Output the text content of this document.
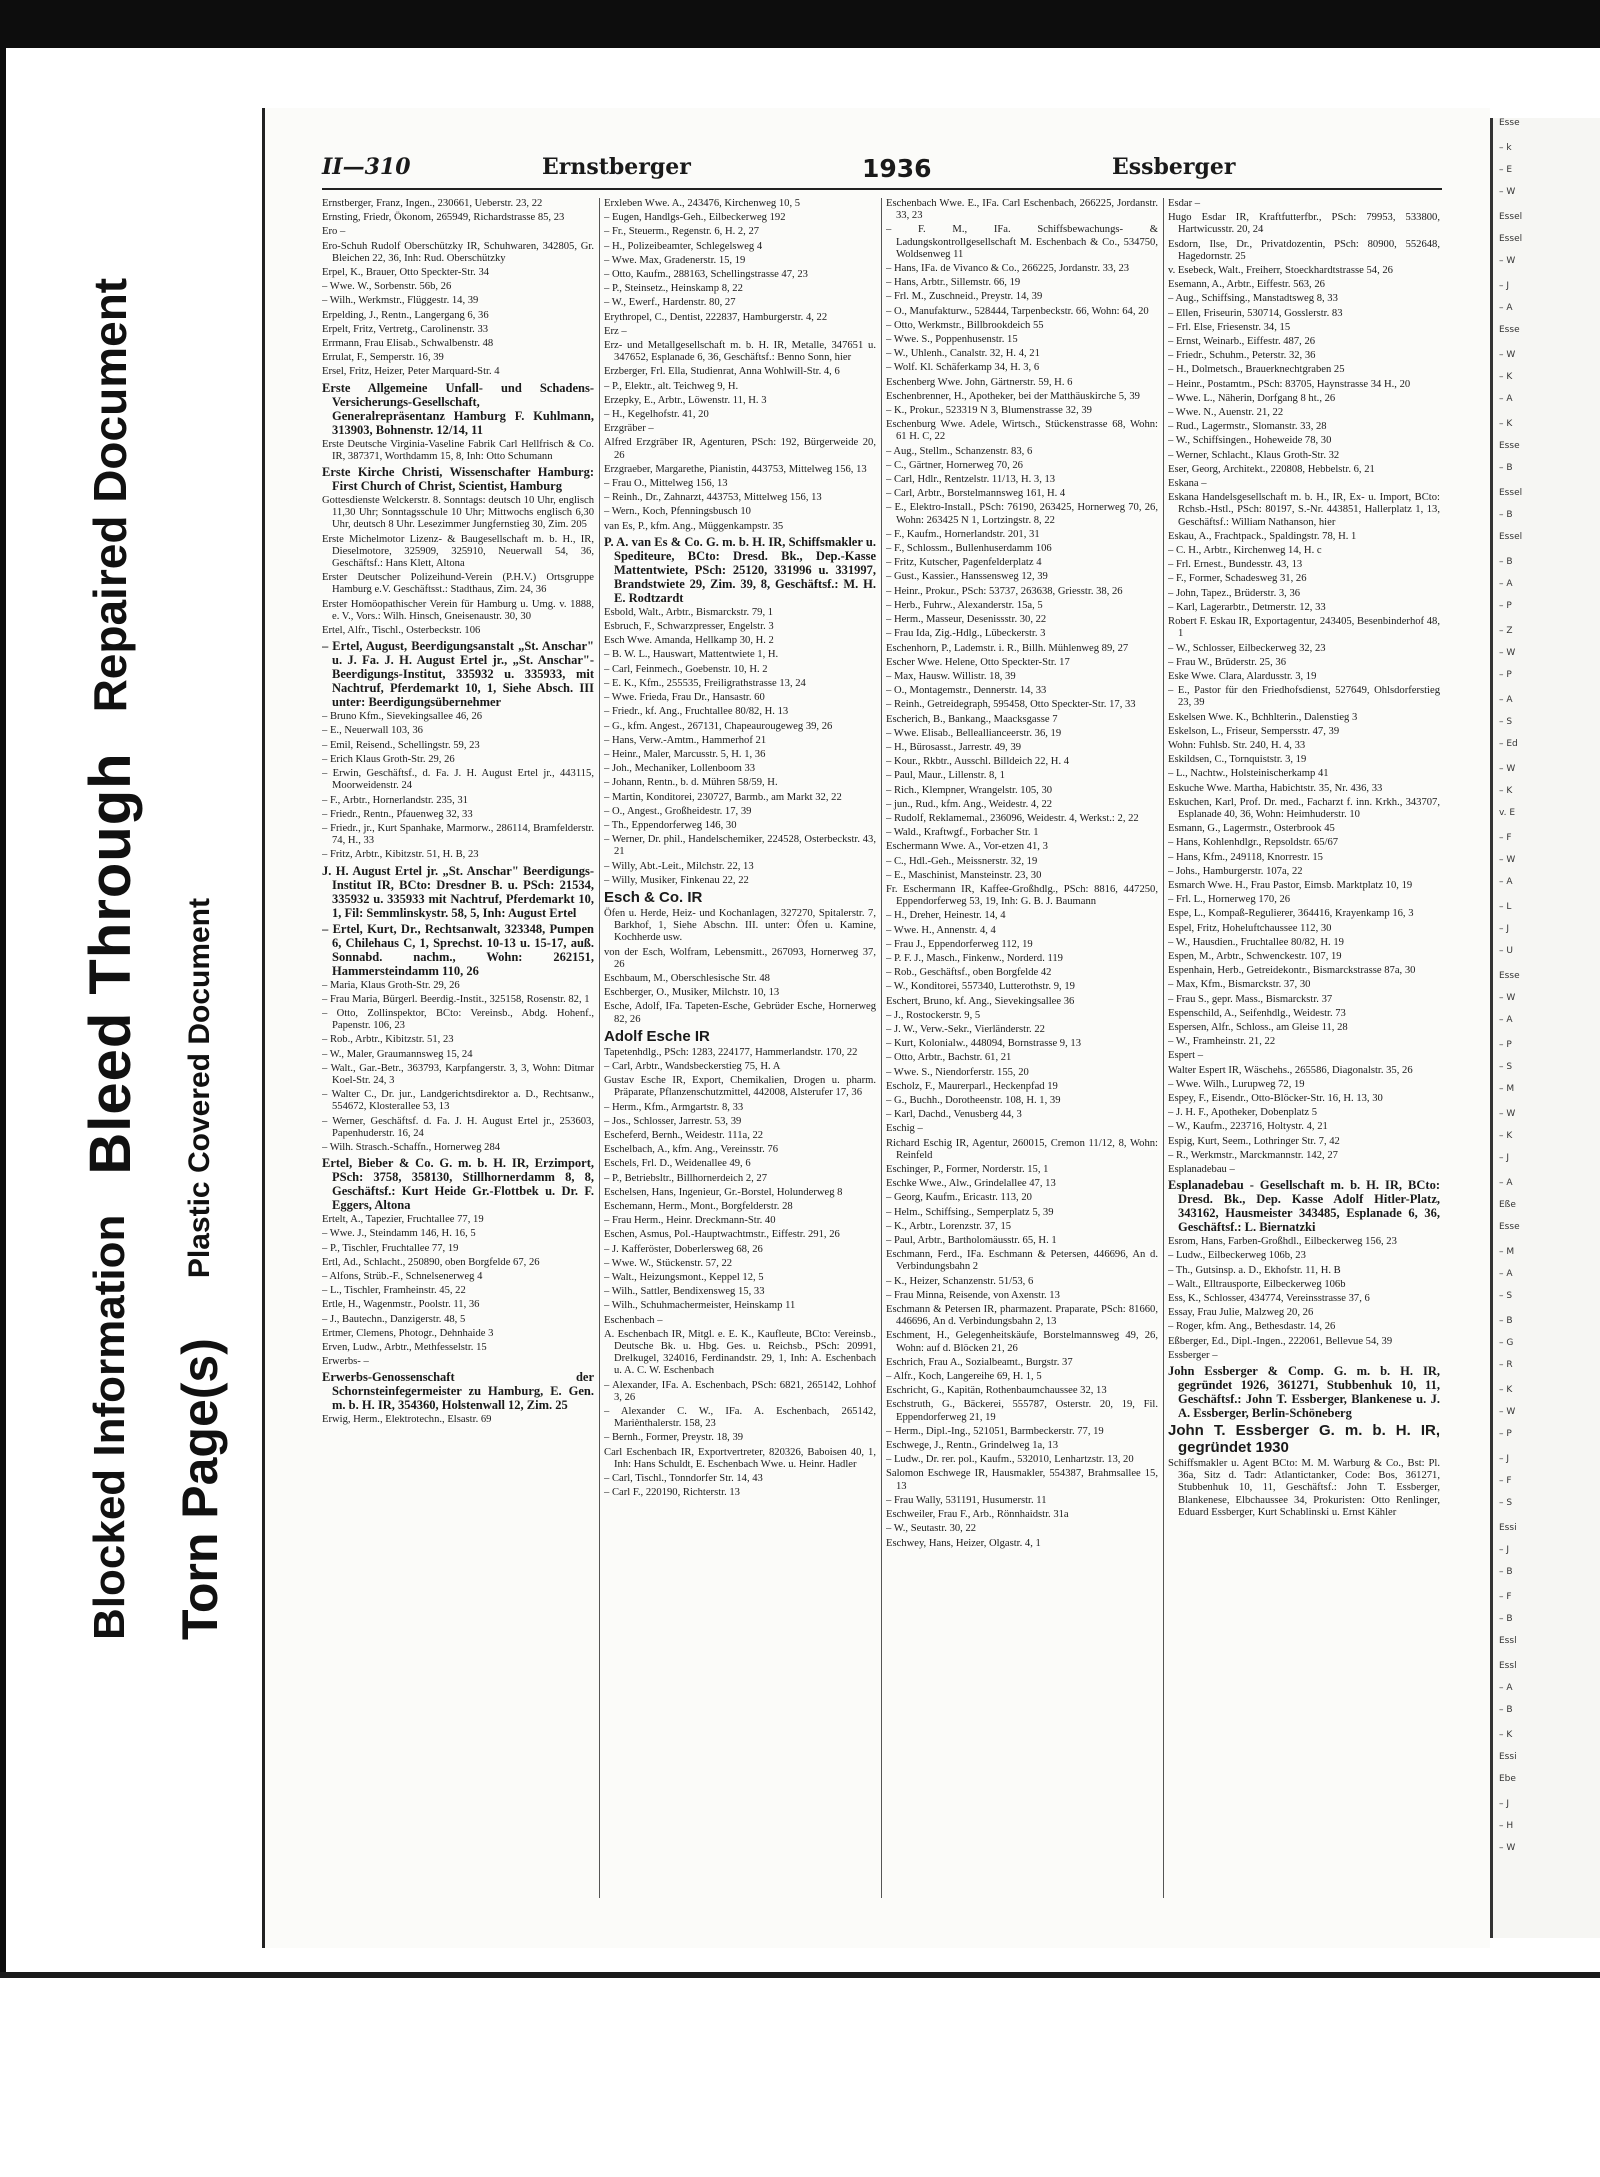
Blocked Information
Bleed Through
Repaired Document
Torn Page(s)
Plastic Covered Document
Esse
– k
– E
– W
Essel
Essel
– W
– J
– A
Esse
– W
– K
– A
– K
Esse
– B
Essel
– B
Essel
– B
– A
– P
– Z
– W
– P
– A
– S
– Ed
– W
– K
v. E
– F
– W
– A
– L
– J
– U
Esse
– W
– A
– P
– S
– M
– W
– K
– J
– A
Eße
Esse
– M
– A
– S
– B
– G
– R
– K
– W
– P
– J
– F
– S
Essi
– J
– B
– F
– B
Essl
Essl
– A
– B
– K
Essi
Ebe
– J
– H
– W
II—310	Ernstberger	1936	Essberger

Ernstberger, Franz, Ingen., 230661, Ueberstr. 23, 22

Ernsting, Friedr, Ökonom, 265949, Richardstrasse 85, 23

Ero –

Ero-Schuh Rudolf Oberschützky IR, Schuhwaren, 342805, Gr. Bleichen 22, 36, Inh: Rud. Oberschützky

Erpel, K., Brauer, Otto Speckter-Str. 34

– Wwe. W., Sorbenstr. 56b, 26

– Wilh., Werkmstr., Flüggestr. 14, 39

Erpelding, J., Rentn., Langergang 6, 36

Erpelt, Fritz, Vertretg., Carolinenstr. 33

Errmann, Frau Elisab., Schwalbenstr. 48

Errulat, F., Semperstr. 16, 39

Ersel, Fritz, Heizer, Peter Marquard-Str. 4

Erste Allgemeine Unfall- und Schadens-Versicherungs-Gesellschaft, Generalrepräsentanz Hamburg F. Kuhlmann, 313903, Bohnenstr. 12/14, 11

Erste Deutsche Virginia-Vaseline Fabrik Carl Hellfrisch & Co. IR, 387371, Worthdamm 15, 8, Inh: Otto Schumann

Erste Kirche Christi, Wissenschafter Hamburg: First Church of Christ, Scientist, Hamburg

Gottesdienste Welckerstr. 8. Sonntags: deutsch 10 Uhr, englisch 11,30 Uhr; Sonntagsschule 10 Uhr; Mittwochs englisch 6,30 Uhr, deutsch 8 Uhr. Lesezimmer Jungfernstieg 30, Zim. 205

Erste Michelmotor Lizenz- & Baugesellschaft m. b. H., IR, Dieselmotore, 325909, 325910, Neuerwall 54, 36, Geschäftsf.: Hans Klett, Altona

Erster Deutscher Polizeihund-Verein (P.H.V.) Ortsgruppe Hamburg e.V. Geschäftsst.: Stadthaus, Zim. 24, 36

Erster Homöopathischer Verein für Hamburg u. Umg. v. 1888, e. V., Vors.: Wilh. Hinsch, Gneisenaustr. 30, 30

Ertel, Alfr., Tischl., Osterbeckstr. 106

– Ertel, August, Beerdigungsanstalt „St. Anschar" u. J. Fa. J. H. August Ertel jr., „St. Anschar"-Beerdigungs-Institut, 335932 u. 335933, mit Nachtruf, Pferdemarkt 10, 1, Siehe Absch. III unter: Beerdigungsübernehmer

– Bruno Kfm., Sievekingsallee 46, 26

– E., Neuerwall 103, 36

– Emil, Reisend., Schellingstr. 59, 23

– Erich Klaus Groth-Str. 29, 26

– Erwin, Geschäftsf., d. Fa. J. H. August Ertel jr., 443115, Moorweidenstr. 24

– F., Arbtr., Hornerlandstr. 235, 31

– Friedr., Rentn., Pfauenweg 32, 33

– Friedr., jr., Kurt Spanhake, Marmorw., 286114, Bramfelderstr. 74, H., 33

– Fritz, Arbtr., Kibitzstr. 51, H. B, 23

J. H. August Ertel jr. „St. Anschar" Beerdigungs-Institut IR, BCto: Dresdner B. u. PSch: 21534, 335932 u. 335933 mit Nachtruf, Pferdemarkt 10, 1, Fil: Semmlinskystr. 58, 5, Inh: August Ertel

– Ertel, Kurt, Dr., Rechtsanwalt, 323348, Pumpen 6, Chilehaus C, 1, Sprechst. 10-13 u. 15-17, auß. Sonnabd. nachm., Wohn: 262151, Hammersteindamm 110, 26

– Maria, Klaus Groth-Str. 29, 26

– Frau Maria, Bürgerl. Beerdig.-Instit., 325158, Rosenstr. 82, 1

– Otto, Zollinspektor, BCto: Vereinsb., Abdg. Hohenf., Papenstr. 106, 23

– Rob., Arbtr., Kibitzstr. 51, 23

– W., Maler, Graumannsweg 15, 24

– Walt., Gar.-Betr., 363793, Karpfangerstr. 3, 3, Wohn: Ditmar Koel-Str. 24, 3

– Walter C., Dr. jur., Landgerichtsdirektor a. D., Rechtsanw., 554672, Klosterallee 53, 13

– Werner, Geschäftsf. d. Fa. J. H. August Ertel jr., 253603, Papenhuderstr. 16, 24

– Wilh. Strasch.-Schaffn., Hornerweg 284

Ertel, Bieber & Co. G. m. b. H. IR, Erzimport, PSch: 3758, 358130, Stillhornerdamm 8, 8, Geschäftsf.: Kurt Heide Gr.-Flottbek u. Dr. F. Eggers, Altona

Ertelt, A., Tapezier, Fruchtallee 77, 19

– Wwe. J., Steindamm 146, H. 16, 5

– P., Tischler, Fruchtallee 77, 19

Ertl, Ad., Schlacht., 250890, oben Borgfelde 67, 26

– Alfons, Strüb.-F., Schnelsenerweg 4

– L., Tischler, Framheinstr. 45, 22

Ertle, H., Wagenmstr., Poolstr. 11, 36

– J., Bautechn., Danzigerstr. 48, 5

Ertmer, Clemens, Photogr., Dehnhaide 3

Erven, Ludw., Arbtr., Methfesselstr. 15

Erwerbs- –

Erwerbs-Genossenschaft der Schornsteinfegermeister zu Hamburg, E. Gen. m. b. H. IR, 354360, Holstenwall 12, Zim. 25

Erwig, Herm., Elektrotechn., Elsastr. 69

Erxleben Wwe. A., 243476, Kirchenweg 10, 5

– Eugen, Handlgs-Geh., Eilbeckerweg 192

– Fr., Steuerm., Regenstr. 6, H. 2, 27

– H., Polizeibeamter, Schlegelsweg 4

– Wwe. Max, Gradenerstr. 15, 19

– Otto, Kaufm., 288163, Schellingstrasse 47, 23

– P., Steinsetz., Heinskamp 8, 22

– W., Ewerf., Hardenstr. 80, 27

Erythropel, C., Dentist, 222837, Hamburgerstr. 4, 22

Erz –

Erz- und Metallgesellschaft m. b. H. IR, Metalle, 347651 u. 347652, Esplanade 6, 36, Geschäftsf.: Benno Sonn, hier

Erzberger, Frl. Ella, Studienrat, Anna Wohlwill-Str. 4, 6

– P., Elektr., alt. Teichweg 9, H.

Erzepky, E., Arbtr., Löwenstr. 11, H. 3

– H., Kegelhofstr. 41, 20

Erzgräber –

Alfred Erzgräber IR, Agenturen, PSch: 192, Bürgerweide 20, 26

Erzgraeber, Margarethe, Pianistin, 443753, Mittelweg 156, 13

– Frau O., Mittelweg 156, 13

– Reinh., Dr., Zahnarzt, 443753, Mittelweg 156, 13

– Wern., Koch, Pfenningsbusch 10

van Es, P., kfm. Ang., Müggenkampstr. 35

P. A. van Es & Co. G. m. b. H. IR, Schiffsmakler u. Spediteure, BCto: Dresd. Bk., Dep.-Kasse Mattentwiete, PSch: 25120, 331996 u. 331997, Brandstwiete 29, Zim. 39, 8, Geschäftsf.: M. H. E. Rodtzardt

Esbold, Walt., Arbtr., Bismarckstr. 79, 1

Esbruch, F., Schwarzpresser, Engelstr. 3

Esch Wwe. Amanda, Hellkamp 30, H. 2

– B. W. L., Hauswart, Mattentwiete 1, H.

– Carl, Feinmech., Goebenstr. 10, H. 2

– E. K., Kfm., 255535, Freiligrathstrasse 13, 24

– Wwe. Frieda, Frau Dr., Hansastr. 60

– Friedr., kf. Ang., Fruchtallee 80/82, H. 13

– G., kfm. Angest., 267131, Chapeaurougeweg 39, 26

– Hans, Verw.-Amtm., Hammerhof 21

– Heinr., Maler, Marcusstr. 5, H. 1, 36

– Joh., Mechaniker, Lollenboom 33

– Johann, Rentn., b. d. Mühren 58/59, H.

– Martin, Konditorei, 230727, Barmb., am Markt 32, 22

– O., Angest., Großheidestr. 17, 39

– Th., Eppendorferweg 146, 30

– Werner, Dr. phil., Handelschemiker, 224528, Osterbeckstr. 43, 21

– Willy, Abt.-Leit., Milchstr. 22, 13

– Willy, Musiker, Finkenau 22, 22

Esch & Co. IR

Öfen u. Herde, Heiz- und Kochanlagen, 327270, Spitalerstr. 7, Barkhof, 1, Siehe Abschn. III. unter: Öfen u. Kamine, Kochherde usw.

von der Esch, Wolfram, Lebensmitt., 267093, Hornerweg 37, 26

Eschbaum, M., Oberschlesische Str. 48

Eschberger, O., Musiker, Milchstr. 10, 13

Esche, Adolf, IFa. Tapeten-Esche, Gebrüder Esche, Hornerweg 82, 26

Adolf Esche IR

Tapetenhdlg., PSch: 1283, 224177, Hammerlandstr. 170, 22

– Carl, Arbtr., Wandsbeckerstieg 75, H. A

Gustav Esche IR, Export, Chemikalien, Drogen u. pharm. Präparate, Pflanzenschutzmittel, 442008, Alsterufer 17, 36

– Herm., Kfm., Armgartstr. 8, 33

– Jos., Schlosser, Jarrestr. 53, 39

Escheferd, Bernh., Weidestr. 111a, 22

Eschelbach, A., kfm. Ang., Vereinsstr. 76

Eschels, Frl. D., Weidenallee 49, 6

– P., Betriebsltr., Billhornerdeich 2, 27

Eschelsen, Hans, Ingenieur, Gr.-Borstel, Holunderweg 8

Eschemann, Herm., Mont., Borgfelderstr. 28

– Frau Herm., Heinr. Dreckmann-Str. 40

Eschen, Asmus, Pol.-Hauptwachtmstr., Eiffestr. 291, 26

– J. Kafferöster, Doberlersweg 68, 26

– Wwe. W., Stückenstr. 57, 22

– Walt., Heizungsmont., Keppel 12, 5

– Wilh., Sattler, Bendixensweg 15, 33

– Wilh., Schuhmachermeister, Heinskamp 11

Eschenbach –

A. Eschenbach IR, Mitgl. e. E. K., Kaufleute, BCto: Vereinsb., Deutsche Bk. u. Hbg. Ges. u. Reichsb., PSch: 20991, Drelkugel, 324016, Ferdinandstr. 29, 1, Inh: A. Eschenbach u. A. C. W. Eschenbach

– Alexander, IFa. A. Eschenbach, PSch: 6821, 265142, Lohhof 3, 26

– Alexander C. W., IFa. A. Eschenbach, 265142, Mariènthalerstr. 158, 23

– Bernh., Former, Preystr. 18, 39

Carl Eschenbach IR, Exportvertreter, 820326, Baboisen 40, 1, Inh: Hans Schuldt, E. Eschenbach Wwe. u. Heinr. Hadler

– Carl, Tischl., Tonndorfer Str. 14, 43

– Carl F., 220190, Richterstr. 13

Eschenbach Wwe. E., IFa. Carl Eschenbach, 266225, Jordanstr. 33, 23

– F. M., IFa. Schiffsbewachungs- & Ladungskontrollgesellschaft M. Eschenbach & Co., 534750, Woldsenweg 11

– Hans, IFa. de Vivanco & Co., 266225, Jordanstr. 33, 23

– Hans, Arbtr., Sillemstr. 66, 19

– Frl. M., Zuschneid., Preystr. 14, 39

– O., Manufakturw., 528444, Tarpenbeckstr. 66, Wohn: 64, 20

– Otto, Werkmstr., Billbrookdeich 55

– Wwe. S., Poppenhusenstr. 15

– W., Uhlenh., Canalstr. 32, H. 4, 21

– Wolf. Kl. Schäferkamp 34, H. 3, 6

Eschenberg Wwe. John, Gärtnerstr. 59, H. 6

Eschenbrenner, H., Apotheker, bei der Matthäuskirche 5, 39

– K., Prokur., 523319 N 3, Blumenstrasse 32, 39

Eschenburg Wwe. Adele, Wirtsch., Stückenstrasse 68, Wohn: 61 H. C, 22

– Aug., Stellm., Schanzenstr. 83, 6

– C., Gärtner, Hornerweg 70, 26

– Carl, Hdlr., Rentzelstr. 11/13, H. 3, 13

– Carl, Arbtr., Borstelmannsweg 161, H. 4

– E., Elektro-Install., PSch: 76190, 263425, Hornerweg 70, 26, Wohn: 263425 N 1, Lortzingstr. 8, 22

– F., Kaufm., Hornerlandstr. 201, 31

– F., Schlossm., Bullenhuserdamm 106

– Fritz, Kutscher, Pagenfelderplatz 4

– Gust., Kassier., Hanssensweg 12, 39

– Heinr., Prokur., PSch: 53737, 263638, Griesstr. 38, 26

– Herb., Fuhrw., Alexanderstr. 15a, 5

– Herm., Masseur, Desenissstr. 30, 22

– Frau Ida, Zig.-Hdlg., Lübeckerstr. 3

Eschenhorn, P., Lademstr. i. R., Billh. Mühlenweg 89, 27

Escher Wwe. Helene, Otto Speckter-Str. 17

– Max, Hausw. Willistr. 18, 39

– O., Montagemstr., Dennerstr. 14, 33

– Reinh., Getreidegraph, 595458, Otto Speckter-Str. 17, 33

Escherich, B., Bankang., Maacksgasse 7

– Wwe. Elisab., Belleallianceerstr. 36, 19

– H., Bürosasst., Jarrestr. 49, 39

– Kour., Rkbtr., Ausschl. Billdeich 22, H. 4

– Paul, Maur., Lillenstr. 8, 1

– Rich., Klempner, Wrangelstr. 105, 30

– jun., Rud., kfm. Ang., Weidestr. 4, 22

– Rudolf, Reklamemal., 236096, Weidestr. 4, Werkst.: 2, 22

– Wald., Kraftwgf., Forbacher Str. 1

Eschermann Wwe. A., Vor-etzen 41, 3

– C., Hdl.-Geh., Meissnerstr. 32, 19

– E., Maschinist, Mansteinstr. 23, 30

Fr. Eschermann IR, Kaffee-Großhdlg., PSch: 8816, 447250, Eppendorferweg 53, 19, Inh: G. B. J. Baumann

– H., Dreher, Heinestr. 14, 4

– Wwe. H., Annenstr. 4, 4

– Frau J., Eppendorferweg 112, 19

– P. F. J., Masch., Finkenw., Norderd. 119

– Rob., Geschäftsf., oben Borgfelde 42

– W., Konditorei, 557340, Lutterothstr. 9, 19

Eschert, Bruno, kf. Ang., Sievekingsallee 36

– J., Rostockerstr. 9, 5

– J. W., Verw.-Sekr., Vierländerstr. 22

– Kurt, Kolonialw., 448094, Bornstrasse 9, 13

– Otto, Arbtr., Bachstr. 61, 21

– Wwe. S., Niendorferstr. 155, 20

Escholz, F., Maurerparl., Heckenpfad 19

– G., Buchh., Dorotheenstr. 108, H. 1, 39

– Karl, Dachd., Venusberg 44, 3

Eschig –

Richard Eschig IR, Agentur, 260015, Cremon 11/12, 8, Wohn: Reinfeld

Eschinger, P., Former, Norderstr. 15, 1

Eschke Wwe., Alw., Grindelallee 47, 13

– Georg, Kaufm., Ericastr. 113, 20

– Helm., Schiffsing., Semperplatz 5, 39

– K., Arbtr., Lorenzstr. 37, 15

– Paul, Arbtr., Bartholomäusstr. 65, H. 1

Eschmann, Ferd., IFa. Eschmann & Petersen, 446696, An d. Verbindungsbahn 2

– K., Heizer, Schanzenstr. 51/53, 6

– Frau Minna, Reisende, von Axenstr. 13

Eschmann & Petersen IR, pharmazent. Praparate, PSch: 81660, 446696, An d. Verbindungsbahn 2, 13

Eschment, H., Gelegenheitskäufe, Borstelmannsweg 49, 26, Wohn: auf d. Blöcken 21, 26

Eschrich, Frau A., Sozialbeamt., Burgstr. 37

– Alfr., Koch, Langereihe 69, H. 1, 5

Eschricht, G., Kapitän, Rothenbaumchaussee 32, 13

Eschstruth, G., Bäckerei, 555787, Osterstr. 20, 19, Fil. Eppendorferweg 21, 19

– Herm., Dipl.-Ing., 521051, Barmbeckerstr. 77, 19

Eschwege, J., Rentn., Grindelweg 1a, 13

– Ludw., Dr. rer. pol., Kaufm., 532010, Lenhartzstr. 13, 20

Salomon Eschwege IR, Hausmakler, 554387, Brahmsallee 15, 13

– Frau Wally, 531191, Husumerstr. 11

Eschweiler, Frau F., Arb., Rönnhaidstr. 31a

– W., Seutastr. 30, 22

Eschwey, Hans, Heizer, Olgastr. 4, 1

Esdar –

Hugo Esdar IR, Kraftfutterfbr., PSch: 79953, 533800, Hartwicusstr. 20, 24

Esdorn, Ilse, Dr., Privatdozentin, PSch: 80900, 552648, Hagedornstr. 25

v. Esebeck, Walt., Freiherr, Stoeckhardtstrasse 54, 26

Esemann, A., Arbtr., Eiffestr. 563, 26

– Aug., Schiffsing., Manstadtsweg 8, 33

– Ellen, Friseurin, 530714, Gosslerstr. 83

– Frl. Else, Friesenstr. 34, 15

– Ernst, Weinarb., Eiffestr. 487, 26

– Friedr., Schuhm., Peterstr. 32, 36

– H., Dolmetsch., Brauerknechtgraben 25

– Heinr., Postamtm., PSch: 83705, Haynstrasse 34 H., 20

– Wwe. L., Näherin, Dorfgang 8 ht., 26

– Wwe. N., Auenstr. 21, 22

– Rud., Lagermstr., Slomanstr. 33, 28

– W., Schiffsingen., Hoheweide 78, 30

– Werner, Schlacht., Klaus Groth-Str. 32

Eser, Georg, Architekt., 220808, Hebbelstr. 6, 21

Eskana –

Eskana Handelsgesellschaft m. b. H., IR, Ex- u. Import, BCto: Rchsb.-Hstl., PSch: 80197, S.-Nr. 443851, Hallerplatz 1, 13, Geschäftsf.: William Nathanson, hier

Eskau, A., Frachtpack., Spaldingstr. 78, H. 1

– C. H., Arbtr., Kirchenweg 14, H. c

– Frl. Ernest., Bundesstr. 43, 13

– F., Former, Schadesweg 31, 26

– John, Tapez., Brüderstr. 3, 36

– Karl, Lagerarbtr., Detmerstr. 12, 33

Robert F. Eskau IR, Exportagentur, 243405, Besenbinderhof 48, 1

– W., Schlosser, Eilbeckerweg 32, 23

– Frau W., Brüderstr. 25, 36

Eske Wwe. Clara, Alardusstr. 3, 19

– E., Pastor für den Friedhofsdienst, 527649, Ohlsdorferstieg 23, 39

Eskelsen Wwe. K., Bchhlterin., Dalenstieg 3

Eskelson, L., Friseur, Sempersstr. 47, 39

Wohn: Fuhlsb. Str. 240, H. 4, 33

Eskildsen, C., Tornquiststr. 3, 19

– L., Nachtw., Holsteinischerkamp 41

Eskuche Wwe. Martha, Habichtstr. 35, Nr. 436, 33

Eskuchen, Karl, Prof. Dr. med., Facharzt f. inn. Krkh., 343707, Esplanade 40, 36, Wohn: Heimhuderstr. 10

Esmann, G., Lagermstr., Osterbrook 45

– Hans, Kohlenhdlgr., Repsoldstr. 65/67

– Hans, Kfm., 249118, Knorrestr. 15

– Johs., Hamburgerstr. 107a, 22

Esmarch Wwe. H., Frau Pastor, Eimsb. Marktplatz 10, 19

– Frl. L., Hornerweg 170, 26

Espe, L., Kompaß-Regulierer, 364416, Krayenkamp 16, 3

Espel, Fritz, Hoheluftchaussee 112, 30

– W., Hausdien., Fruchtallee 80/82, H. 19

Espen, M., Arbtr., Schwenckestr. 107, 19

Espenhain, Herb., Getreidekontr., Bismarckstrasse 87a, 30

– Max, Kfm., Bismarckstr. 37, 30

– Frau S., gepr. Mass., Bismarckstr. 37

Espenschild, A., Seifenhdlg., Weidestr. 73

Espersen, Alfr., Schloss., am Gleise 11, 28

– W., Framheinstr. 21, 22

Espert –

Walter Espert IR, Wäschehs., 265586, Diagonalstr. 35, 26

– Wwe. Wilh., Lurupweg 72, 19

Espey, F., Eisendr., Otto-Blöcker-Str. 16, H. 13, 30

– J. H. F., Apotheker, Dobenplatz 5

– W., Kaufm., 223716, Holtystr. 4, 21

Espig, Kurt, Seem., Lothringer Str. 7, 42

– R., Werkmstr., Marckmannstr. 142, 27

Esplanadebau –

Esplanadebau - Gesellschaft m. b. H. IR, BCto: Dresd. Bk., Dep. Kasse Adolf Hitler-Platz, 343162, Hausmeister 343485, Esplanade 6, 36, Geschäftsf.: L. Biernatzki

Esrom, Hans, Farben-Großhdl., Eilbeckerweg 156, 23

– Ludw., Eilbeckerweg 106b, 23

– Th., Gutsinsp. a. D., Ekhofstr. 11, H. B

– Walt., Elltrausporte, Eilbeckerweg 106b

Ess, K., Schlosser, 434774, Vereinsstrasse 37, 6

Essay, Frau Julie, Malzweg 20, 26

– Roger, kfm. Ang., Bethesdastr. 14, 26

Eßberger, Ed., Dipl.-Ingen., 222061, Bellevue 54, 39

Essberger –

John Essberger & Comp. G. m. b. H. IR, gegründet 1926, 361271, Stubbenhuk 10, 11, Geschäftsf.: John T. Essberger, Blankenese u. J. A. Essberger, Berlin-Schöneberg

John T. Essberger G. m. b. H. IR, gegründet 1930

Schiffsmakler u. Agent BCto: M. M. Warburg & Co., Bst: Pl. 36a, Sitz d. Tadr: Atlantictanker, Code: Bos, 361271, Stubbenhuk 10, 11, Geschäftsf.: John T. Essberger, Blankenese, Elbchaussee 34, Prokuristen: Otto Renlinger, Eduard Essberger, Kurt Schablinski u. Ernst Kähler
